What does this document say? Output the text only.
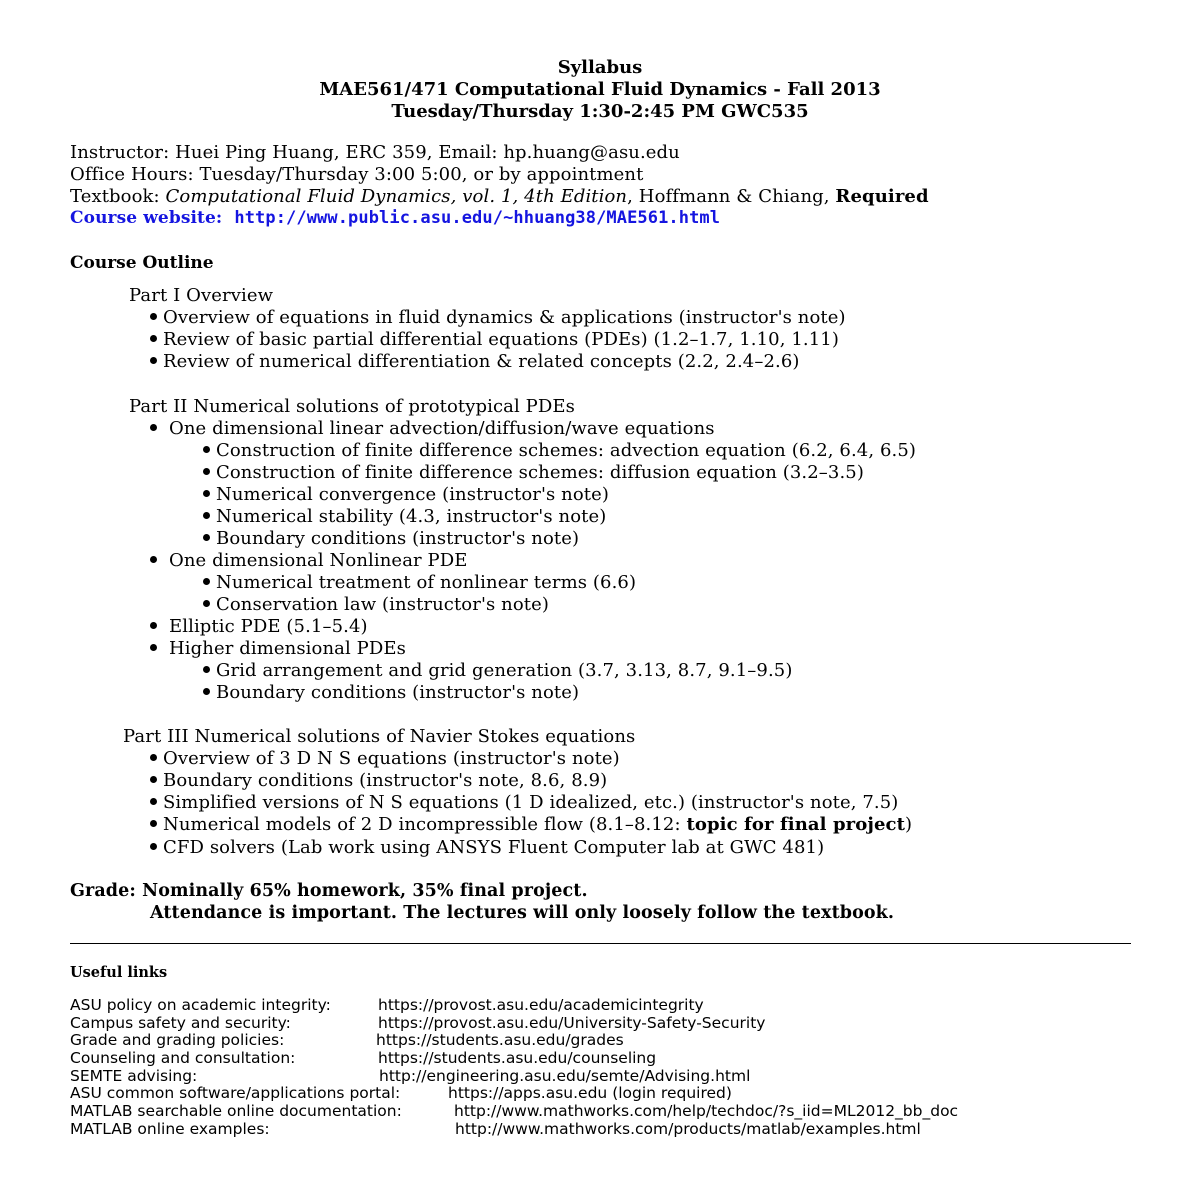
Syllabus
MAE561/471 Computational Fluid Dynamics - Fall 2013
Tuesday/Thursday 1:30-2:45 PM GWC535
Instructor: Huei Ping Huang, ERC 359, Email: hp.huang@asu.edu
Office Hours: Tuesday/Thursday 3:00 5:00, or by appointment
Textbook: Computational Fluid Dynamics, vol. 1, 4th Edition, Hoffmann & Chiang, Required
Course website: http://www.public.asu.edu/~hhuang38/MAE561.html
Course Outline
Part I Overview
Overview of equations in fluid dynamics & applications (instructor's note)
Review of basic partial differential equations (PDEs) (1.2–1.7, 1.10, 1.11)
Review of numerical differentiation & related concepts (2.2, 2.4–2.6)
Part II Numerical solutions of prototypical PDEs
One dimensional linear advection/diffusion/wave equations
Construction of finite difference schemes: advection equation (6.2, 6.4, 6.5)
Construction of finite difference schemes: diffusion equation (3.2–3.5)
Numerical convergence (instructor's note)
Numerical stability (4.3, instructor's note)
Boundary conditions (instructor's note)
One dimensional Nonlinear PDE
Numerical treatment of nonlinear terms (6.6)
Conservation law (instructor's note)
Elliptic PDE (5.1–5.4)
Higher dimensional PDEs
Grid arrangement and grid generation (3.7, 3.13, 8.7, 9.1–9.5)
Boundary conditions (instructor's note)
Part III Numerical solutions of Navier Stokes equations
Overview of 3 D N S equations (instructor's note)
Boundary conditions (instructor's note, 8.6, 8.9)
Simplified versions of N S equations (1 D idealized, etc.) (instructor's note, 7.5)
Numerical models of 2 D incompressible flow (8.1–8.12: topic for final project)
CFD solvers (Lab work using ANSYS Fluent Computer lab at GWC 481)
Grade: Nominally 65% homework, 35% final project.
Attendance is important. The lectures will only loosely follow the textbook.
Useful links
ASU policy on academic integrity:	https://provost.asu.edu/academicintegrity
Campus safety and security:	https://provost.asu.edu/University-Safety-Security
Grade and grading policies:	https://students.asu.edu/grades
Counseling and consultation:	https://students.asu.edu/counseling
SEMTE advising:	http://engineering.asu.edu/semte/Advising.html
ASU common software/applications portal:	https://apps.asu.edu (login required)
MATLAB searchable online documentation:	http://www.mathworks.com/help/techdoc/?s_iid=ML2012_bb_doc
MATLAB online examples:	http://www.mathworks.com/products/matlab/examples.html
